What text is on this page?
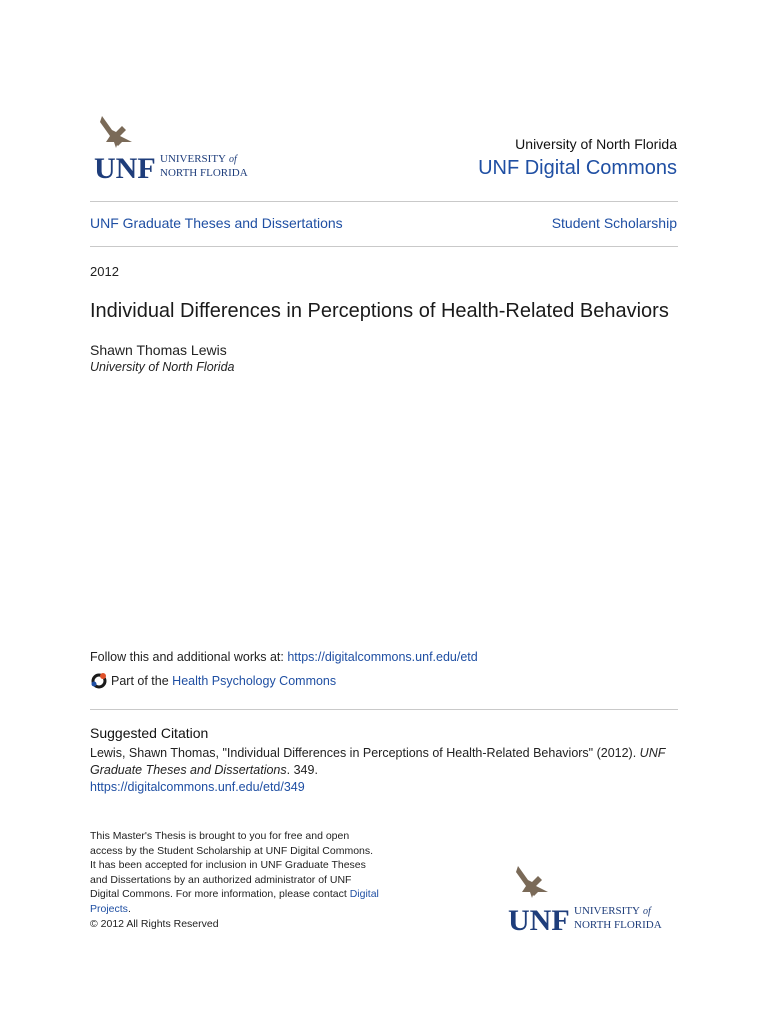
UNF UNIVERSITY of
NORTH FLORIDA
University of North Florida
UNF Digital Commons
UNF Graduate Theses and Dissertations	Student Scholarship
2012
Individual Differences in Perceptions of Health-Related Behaviors
Shawn Thomas Lewis
University of North Florida
Follow this and additional works at: https://digitalcommons.unf.edu/etd
Part of the
Health Psychology Commons
Suggested Citation
Lewis, Shawn Thomas, "Individual Differences in Perceptions of Health-Related Behaviors" (2012). UNF Graduate Theses and Dissertations. 349.
https://digitalcommons.unf.edu/etd/349
This Master's Thesis is brought to you for free and open access by the Student Scholarship at UNF Digital Commons. It has been accepted for inclusion in UNF Graduate Theses and Dissertations by an authorized administrator of UNF Digital Commons. For more information, please contact Digital Projects.
© 2012 All Rights Reserved	UNF UNIVERSITY of
NORTH FLORIDA
